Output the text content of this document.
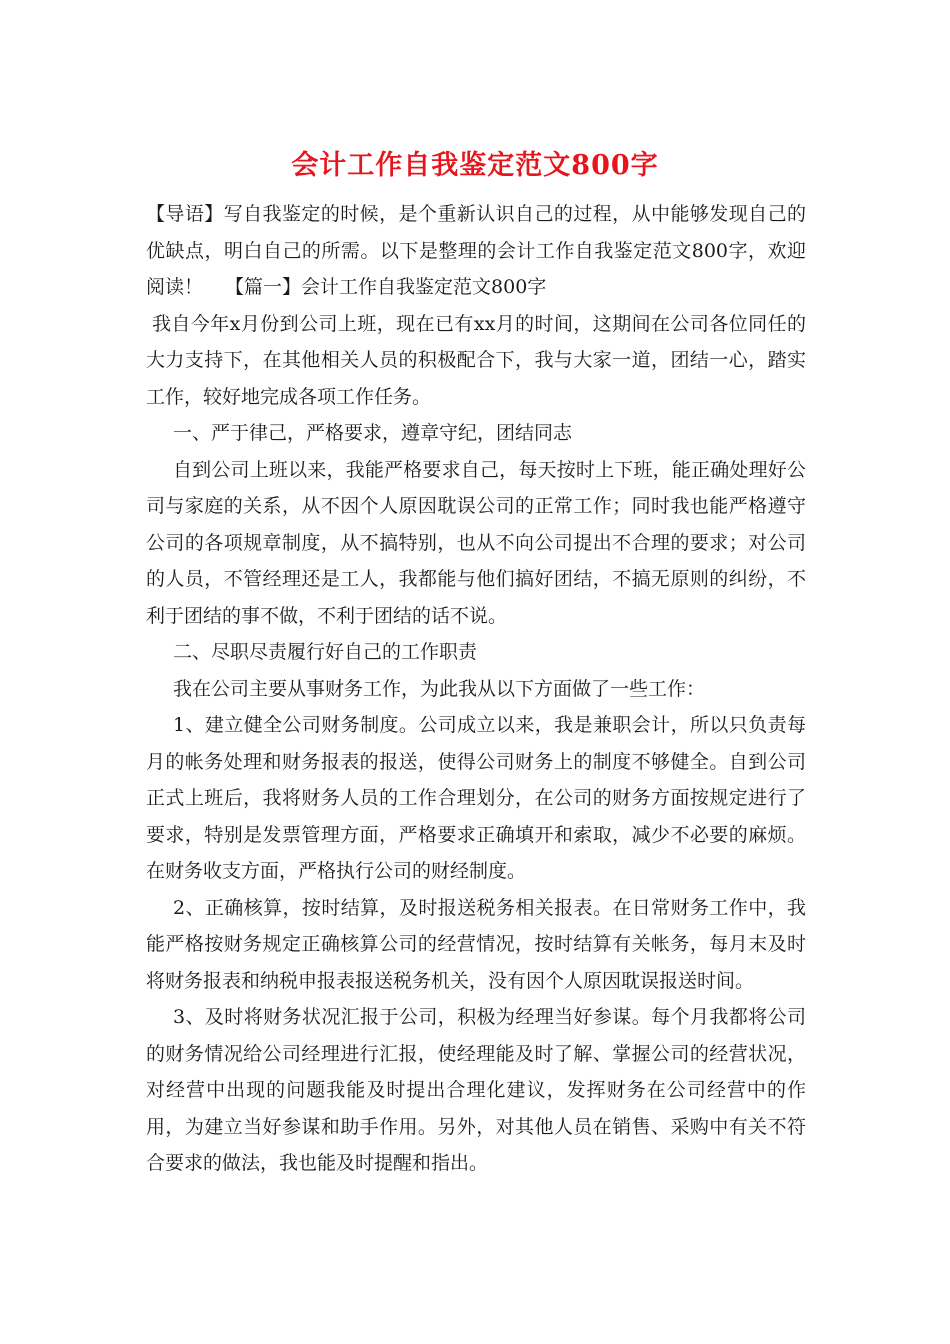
会计工作自我鉴定范文800字

【导语】写自我鉴定的时候，是个重新认识自己的过程，从中能够发现自己的优缺点，明白自己的所需。以下是整理的会计工作自我鉴定范文800字，欢迎阅读！ 【篇一】会计工作自我鉴定范文800字

我自今年x月份到公司上班，现在已有xx月的时间，这期间在公司各位同任的大力支持下，在其他相关人员的积极配合下，我与大家一道，团结一心，踏实工作，较好地完成各项工作任务。

一、严于律己，严格要求，遵章守纪，团结同志

自到公司上班以来，我能严格要求自己，每天按时上下班，能正确处理好公司与家庭的关系，从不因个人原因耽误公司的正常工作；同时我也能严格遵守公司的各项规章制度，从不搞特别，也从不向公司提出不合理的要求；对公司的人员，不管经理还是工人，我都能与他们搞好团结，不搞无原则的纠纷，不利于团结的事不做，不利于团结的话不说。

二、尽职尽责履行好自己的工作职责

我在公司主要从事财务工作，为此我从以下方面做了一些工作：

1、建立健全公司财务制度。公司成立以来，我是兼职会计，所以只负责每月的帐务处理和财务报表的报送，使得公司财务上的制度不够健全。自到公司正式上班后，我将财务人员的工作合理划分，在公司的财务方面按规定进行了要求，特别是发票管理方面，严格要求正确填开和索取，减少不必要的麻烦。在财务收支方面，严格执行公司的财经制度。

2、正确核算，按时结算，及时报送税务相关报表。在日常财务工作中，我能严格按财务规定正确核算公司的经营情况，按时结算有关帐务，每月末及时将财务报表和纳税申报表报送税务机关，没有因个人原因耽误报送时间。

3、及时将财务状况汇报于公司，积极为经理当好参谋。每个月我都将公司的财务情况给公司经理进行汇报，使经理能及时了解、掌握公司的经营状况，对经营中出现的问题我能及时提出合理化建议，发挥财务在公司经营中的作用，为建立当好参谋和助手作用。另外，对其他人员在销售、采购中有关不符合要求的做法，我也能及时提醒和指出。
